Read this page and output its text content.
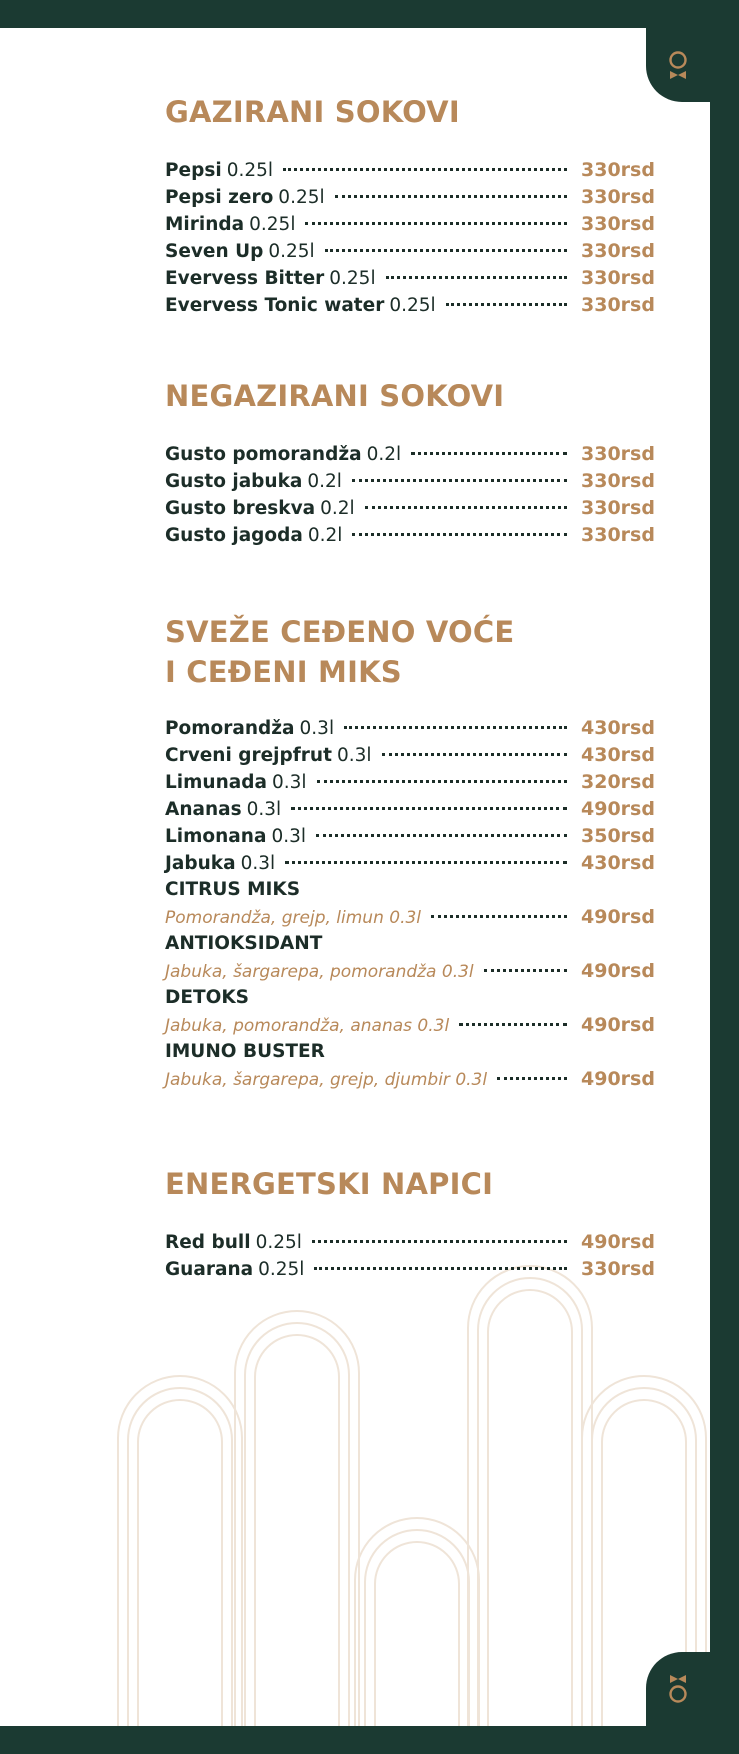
GAZIRANI SOKOVI
Pepsi 0.25l	330rsd
Pepsi zero 0.25l	330rsd
Mirinda 0.25l	330rsd
Seven Up 0.25l	330rsd
Evervess Bitter 0.25l	330rsd
Evervess Tonic water 0.25l	330rsd
NEGAZIRANI SOKOVI
Gusto pomorandža 0.2l	330rsd
Gusto jabuka 0.2l	330rsd
Gusto breskva 0.2l	330rsd
Gusto jagoda 0.2l	330rsd
SVEŽE CEĐENO VOĆE
I CEĐENI MIKS
Pomorandža 0.3l	430rsd
Crveni grejpfrut 0.3l	430rsd
Limunada 0.3l	320rsd
Ananas 0.3l	490rsd
Limonana 0.3l	350rsd
Jabuka 0.3l	430rsd
CITRUS MIKS
Pomorandža, grejp, limun 0.3l	490rsd
ANTIOKSIDANT
Jabuka, šargarepa, pomorandža 0.3l	490rsd
DETOKS
Jabuka, pomorandža, ananas 0.3l	490rsd
IMUNO BUSTER
Jabuka, šargarepa, grejp, djumbir 0.3l	490rsd
ENERGETSKI NAPICI
Red bull 0.25l	490rsd
Guarana 0.25l	330rsd
